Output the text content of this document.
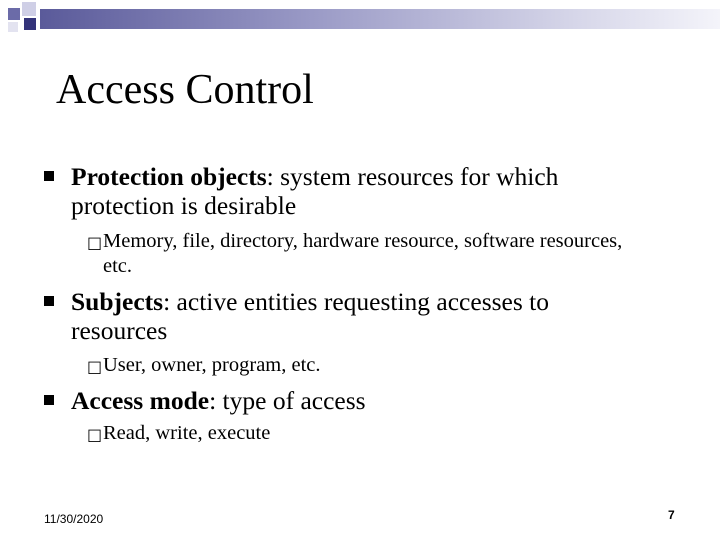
Access Control
Protection objects: system resources for which protection is desirable
□ Memory, file, directory, hardware resource, software resources, etc.
Subjects: active entities requesting accesses to resources
□ User, owner, program, etc.
Access mode: type of access
□ Read, write, execute
11/30/2020	7
